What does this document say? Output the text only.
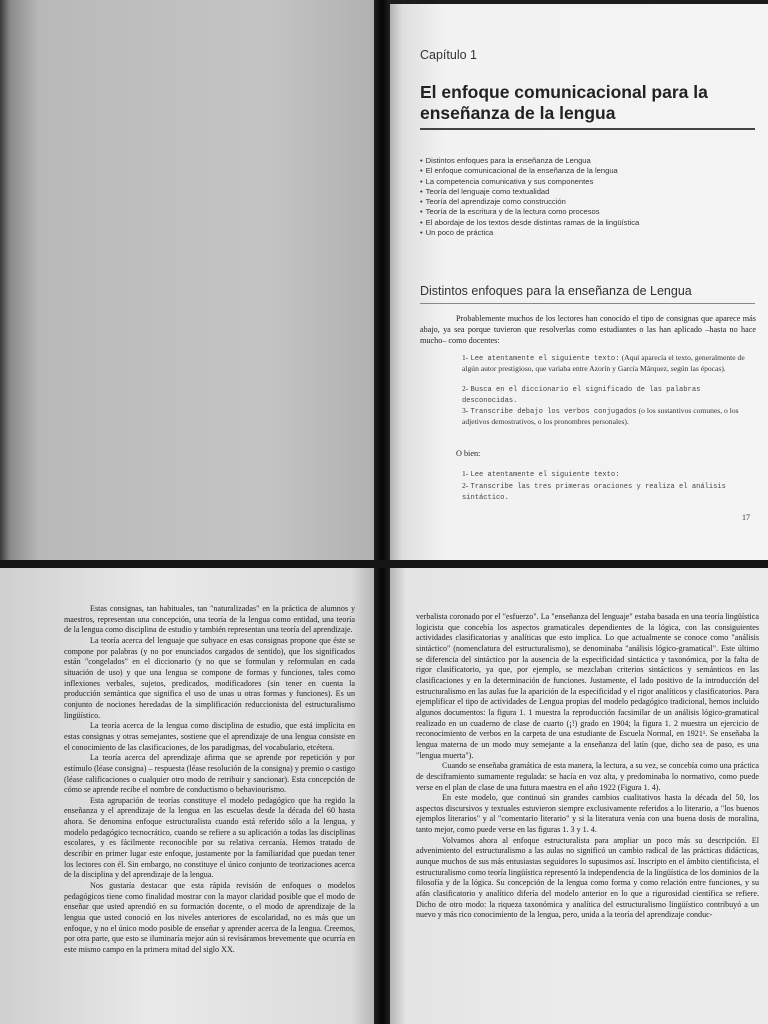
Capítulo 1
El enfoque comunicacional para la
enseñanza de la lengua
• Distintos enfoques para la enseñanza de Lengua
• El enfoque comunicacional de la enseñanza de la lengua
• La competencia comunicativa y sus componentes
• Teoría del lenguaje como textualidad
• Teoría del aprendizaje como construcción
• Teoría de la escritura y de la lectura como procesos
• El abordaje de los textos desde distintas ramas de la lingüística
• Un poco de práctica
Distintos enfoques para la enseñanza de Lengua

Probablemente muchos de los lectores han conocido el tipo de consignas que aparece más abajo, ya sea porque tuvieron que resolverlas como estudiantes o las han aplicado –hasta no hace mucho– como docentes:

1- Lee atentamente el siguiente texto: (Aquí aparecía el texto, generalmente de algún autor prestigioso, que variaba entre Azorín y García Márquez, según las épocas).

2- Busca en el diccionario el significado de las palabras desconocidas.

3- Transcribe debajo los verbos conjugados (o los sustantivos comunes, o los adjetivos demostrativos, o los pronombres personales).

O bien:

1- Lee atentamente el siguiente texto:

2- Transcribe las tres primeras oraciones y realiza el análisis sintáctico.

17

Estas consignas, tan habituales, tan "naturalizadas" en la práctica de alumnos y maestros, representan una concepción, una teoría de la lengua como entidad, una teoría de la lengua como disciplina de estudio y también representan una teoría del aprendizaje.

La teoría acerca del lenguaje que subyace en esas consignas propone que éste se compone por palabras (y no por enunciados cargados de sentido), que los significados están "congelados" en el diccionario (y no que se formulan y reformulan en cada situación de uso) y que una lengua se compone de formas y funciones, tales como inflexiones verbales, sujetos, predicados, modificadores (sin tener en cuenta la producción semántica que significa el uso de unas u otras formas y funciones). Es un conjunto de nociones heredadas de la simplificación reduccionista del estructuralismo lingüístico.

La teoría acerca de la lengua como disciplina de estudio, que está implícita en estas consignas y otras semejantes, sostiene que el aprendizaje de una lengua consiste en el conocimiento de las clasificaciones, de los paradigmas, del vocabulario, etcétera.

La teoría acerca del aprendizaje afirma que se aprende por repetición y por estímulo (léase consigna) – respuesta (léase resolución de la consigna) y premio o castigo (léase calificaciones o cualquier otro modo de retribuir y sancionar). Esta concepción de cómo se aprende recibe el nombre de conductismo o behaviourismo.

Esta agrupación de teorías constituye el modelo pedagógico que ha regido la enseñanza y el aprendizaje de la lengua en las escuelas desde la década del 60 hasta ahora. Se denomina enfoque estructuralista cuando está referido sólo a la lengua, y modelo pedagógico tecnocrático, cuando se refiere a su aplicación a todas las disciplinas escolares, y es fácilmente reconocible por su relativa cercanía. Hemos tratado de describir en primer lugar este enfoque, justamente por la familiaridad que puedan tener los lectores con él. Sin embargo, no constituye el único conjunto de teorizaciones acerca de la disciplina y del aprendizaje de la lengua.

Nos gustaría destacar que esta rápida revisión de enfoques o modelos pedagógicos tiene como finalidad mostrar con la mayor claridad posible que el modo de enseñar que usted aprendió en su formación docente, o el modo de aprendizaje de la lengua que usted conoció en los niveles anteriores de escolaridad, no es más que un enfoque, y no el único modo posible de enseñar y aprender acerca de la lengua. Creemos, por otra parte, que esto se iluminaría mejor aún si revisáramos brevemente que ocurría en este mismo campo en la primera mitad del siglo XX.

verbalista coronado por el "esfuerzo". La "enseñanza del lenguaje" estaba basada en una teoría lingüística logicista que concebía los aspectos gramaticales dependientes de la lógica, con las consiguientes actividades clasificatorias y analíticas que esto implica. Lo que actualmente se conoce como "análisis sintáctico" (nomenclatura del estructuralismo), se denominaba "análisis lógico-gramatical". Este último se diferencia del sintáctico por la ausencia de la especificidad sintáctica y taxonómica, por la falta de rigor clasificatorio, ya que, por ejemplo, se mezclaban criterios sintácticos y semánticos en las clasificaciones y en la determinación de funciones. Justamente, el lado positivo de la introducción del estructuralismo en las aulas fue la aparición de la especificidad y el rigor analíticos y clasificatorios. Para ejemplificar el tipo de actividades de Lengua propias del modelo pedagógico tradicional, hemos incluido algunos documentos: la figura 1. 1 muestra la reproducción facsimilar de un análisis lógico-gramatical realizado en un cuaderno de clase de cuarto (¡!) grado en 1904; la figura 1. 2 muestra un ejercicio de reconocimiento de verbos en la carpeta de una estudiante de Escuela Normal, en 1921¹. Se enseñaba la lengua materna de un modo muy semejante a la enseñanza del latín (que, dicho sea de paso, es una "lengua muerta").

Cuando se enseñaba gramática de esta manera, la lectura, a su vez, se concebía como una práctica de desciframiento sumamente regulada: se hacía en voz alta, y predominaba lo normativo, como puede verse en el plan de clase de una futura maestra en el año 1922 (Figura 1. 4).

En este modelo, que continuó sin grandes cambios cualitativos hasta la década del 50, los aspectos discursivos y textuales estuvieron siempre exclusivamente referidos a lo literario, a "los buenos ejemplos literarios" y al "comentario literario" y si la literatura venía con una buena dosis de moralina, tanto mejor, como puede verse en las figuras 1. 3 y 1. 4.

Volvamos ahora al enfoque estructuralista para ampliar un poco más su descripción. El advenimiento del estructuralismo a las aulas no significó un cambio radical de las prácticas didácticas, aunque muchos de sus más entusiastas seguidores lo supusimos así. Inscripto en el ámbito cientificista, el estructuralismo como teoría lingüística representó la independencia de la lingüística de los dominios de la filosofía y de la lógica. Su concepción de la lengua como forma y como relación entre funciones, y su afán clasificatorio y analítico difería del modelo anterior en lo que a rigurosidad científica se refiere. Dicho de otro modo: la riqueza taxonómica y analítica del estructuralismo lingüístico contribuyó a un nuevo y más rico conocimiento de la lengua, pero, unida a la teoría del aprendizaje conduc-
